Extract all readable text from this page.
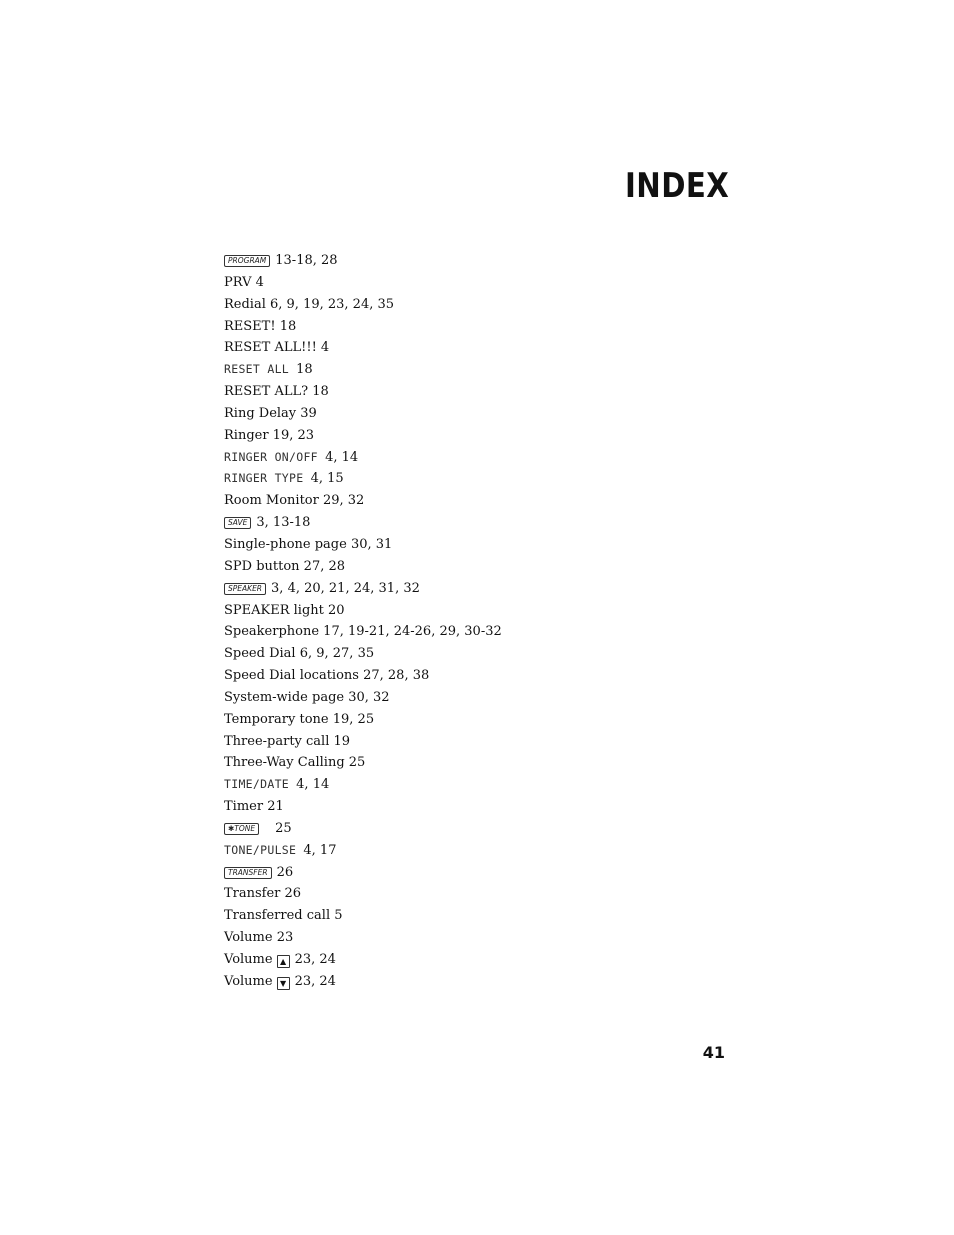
INDEX
PROGRAM 13-18, 28
PRV 4
Redial 6, 9, 19, 23, 24, 35
RESET! 18
RESET ALL!!! 4
RESET ALL 18
RESET ALL? 18
Ring Delay 39
Ringer 19, 23
RINGER ON/OFF 4, 14
RINGER TYPE 4, 15
Room Monitor 29, 32
SAVE 3, 13-18
Single-phone page 30, 31
SPD button 27, 28
SPEAKER 3, 4, 20, 21, 24, 31, 32
SPEAKER light 20
Speakerphone 17, 19-21, 24-26, 29, 30-32
Speed Dial 6, 9, 27, 35
Speed Dial locations 27, 28, 38
System-wide page 30, 32
Temporary tone 19, 25
Three-party call 19
Three-Way Calling 25
TIME/DATE 4, 14
Timer 21
✱TONE 25
TONE/PULSE 4, 17
TRANSFER 26
Transfer 26
Transferred call 5
Volume 23
Volume ▲ 23, 24
Volume ▼ 23, 24

41
